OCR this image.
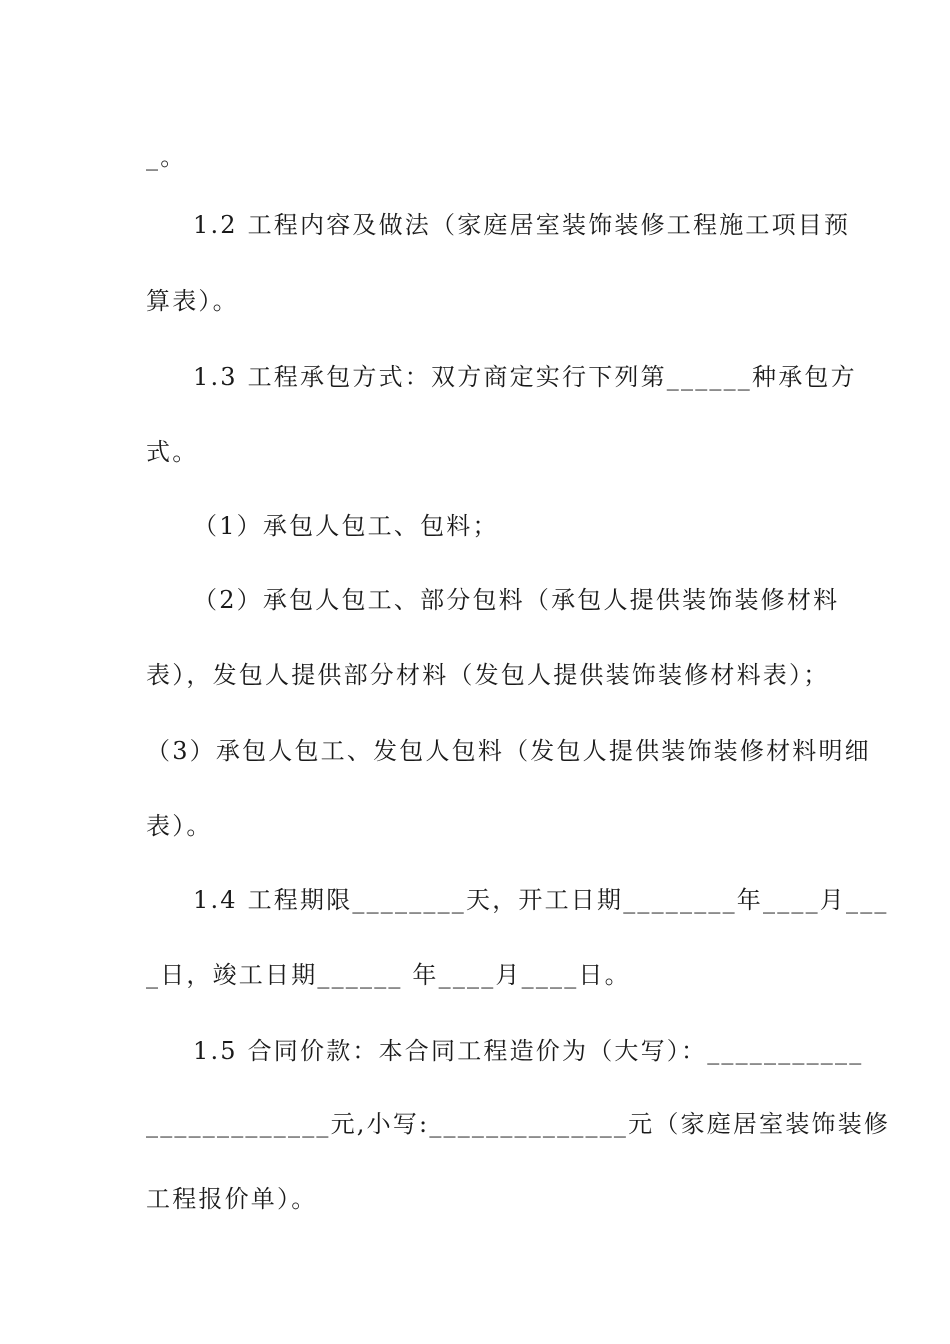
_。
1.2 工程内容及做法（家庭居室装饰装修工程施工项目预
算表）。
1.3 工程承包方式：双方商定实行下列第______种承包方
式。
（1）承包人包工、包料；
（2）承包人包工、部分包料（承包人提供装饰装修材料
表），发包人提供部分材料（发包人提供装饰装修材料表）；
（3）承包人包工、发包人包料（发包人提供装饰装修材料明细
表）。
1.4 工程期限________天，开工日期________年____月___
_日，竣工日期______ 年____月____日。
1.5 合同价款：本合同工程造价为（大写）：___________
_____________元,小写:______________元（家庭居室装饰装修
工程报价单）。
